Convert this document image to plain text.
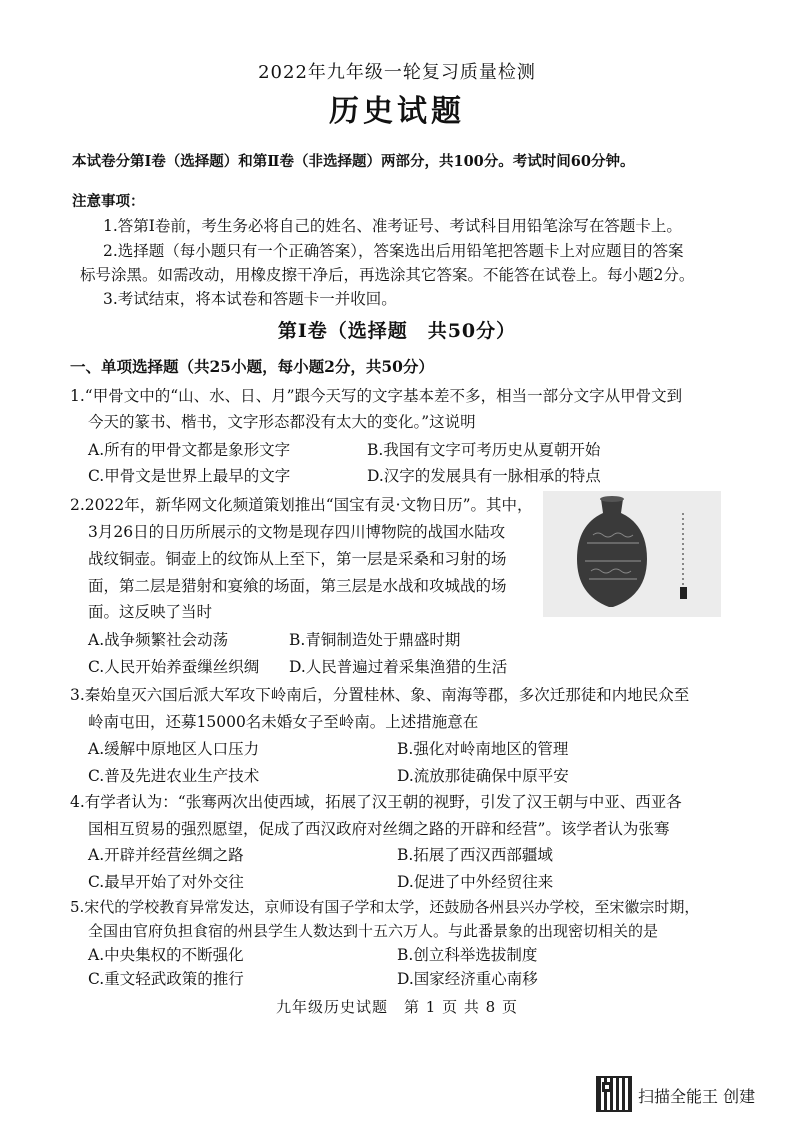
2022年九年级一轮复习质量检测
历史试题
本试卷分第Ⅰ卷（选择题）和第Ⅱ卷（非选择题）两部分，共100分。考试时间60分钟。
注意事项：
1.答第Ⅰ卷前，考生务必将自己的姓名、准考证号、考试科目用铅笔涂写在答题卡上。
2.选择题（每小题只有一个正确答案），答案选出后用铅笔把答题卡上对应题目的答案
标号涂黑。如需改动，用橡皮擦干净后，再选涂其它答案。不能答在试卷上。每小题2分。
3.考试结束，将本试卷和答题卡一并收回。
第Ⅰ卷（选择题　共50分）
一、单项选择题（共25小题，每小题2分，共50分）
1.“甲骨文中的“山、水、日、月”跟今天写的文字基本差不多，相当一部分文字从甲骨文到
今天的篆书、楷书，文字形态都没有太大的变化。”这说明
A.所有的甲骨文都是象形文字	B.我国有文字可考历史从夏朝开始
C.甲骨文是世界上最早的文字	D.汉字的发展具有一脉相承的特点
2.2022年，新华网文化频道策划推出“国宝有灵·文物日历”。其中，
3月26日的日历所展示的文物是现存四川博物院的战国水陆攻
战纹铜壶。铜壶上的纹饰从上至下，第一层是采桑和习射的场
面，第二层是猎射和宴飨的场面，第三层是水战和攻城战的场
面。这反映了当时
A.战争频繁社会动荡	B.青铜制造处于鼎盛时期
C.人民开始养蚕缫丝织绸 D.人民普遍过着采集渔猎的生活
3.秦始皇灭六国后派大军攻下岭南后，分置桂林、象、南海等郡，多次迁那徒和内地民众至
岭南屯田，还募15000名未婚女子至岭南。上述措施意在
A.缓解中原地区人口压力	B.强化对岭南地区的管理
C.普及先进农业生产技术	D.流放那徒确保中原平安
4.有学者认为：“张骞两次出使西域，拓展了汉王朝的视野，引发了汉王朝与中亚、西亚各
国相互贸易的强烈愿望，促成了西汉政府对丝绸之路的开辟和经营”。该学者认为张骞
A.开辟并经营丝绸之路	B.拓展了西汉西部疆域
C.最早开始了对外交往	D.促进了中外经贸往来
5.宋代的学校教育异常发达，京师设有国子学和太学，还鼓励各州县兴办学校，至宋徽宗时期，
全国由官府负担食宿的州县学生人数达到十五六万人。与此番景象的出现密切相关的是
A.中央集权的不断强化	B.创立科举选拔制度
C.重文轻武政策的推行	D.国家经济重心南移
九年级历史试题　第 1 页 共 8 页
扫描全能王 创建
